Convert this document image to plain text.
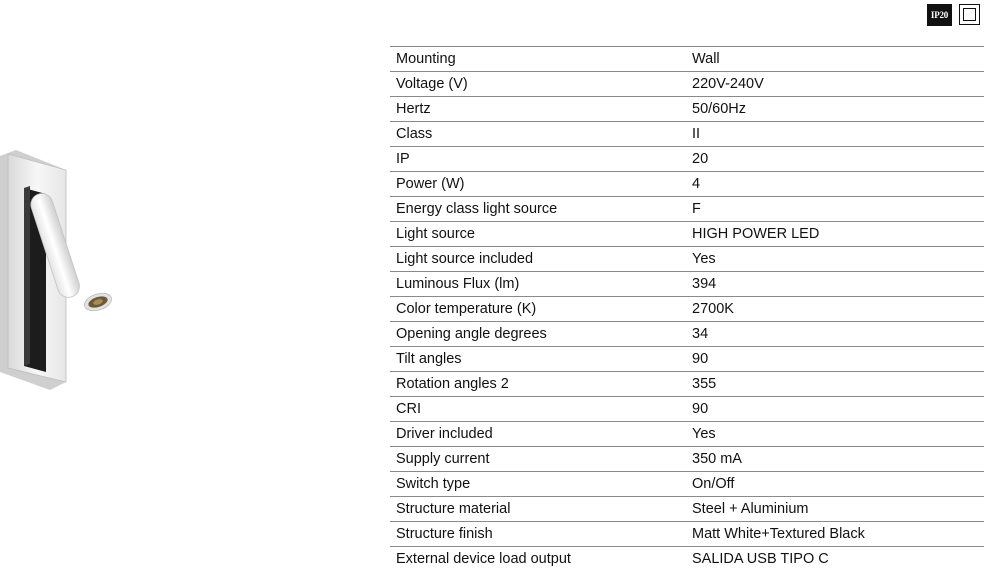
IP20
Mounting	Wall
Voltage (V)	220V-240V
Hertz	50/60Hz
Class	II
IP	20
Power (W)	4
Energy class light source	F
Light source	HIGH POWER LED
Light source included	Yes
Luminous Flux (lm)	394
Color temperature (K)	2700K
Opening angle degrees	34
Tilt angles	90
Rotation angles 2	355
CRI	90
Driver included	Yes
Supply current	350 mA
Switch type	On/Off
Structure material	Steel + Aluminium
Structure finish	Matt White+Textured Black
External device load output	SALIDA USB TIPO C
